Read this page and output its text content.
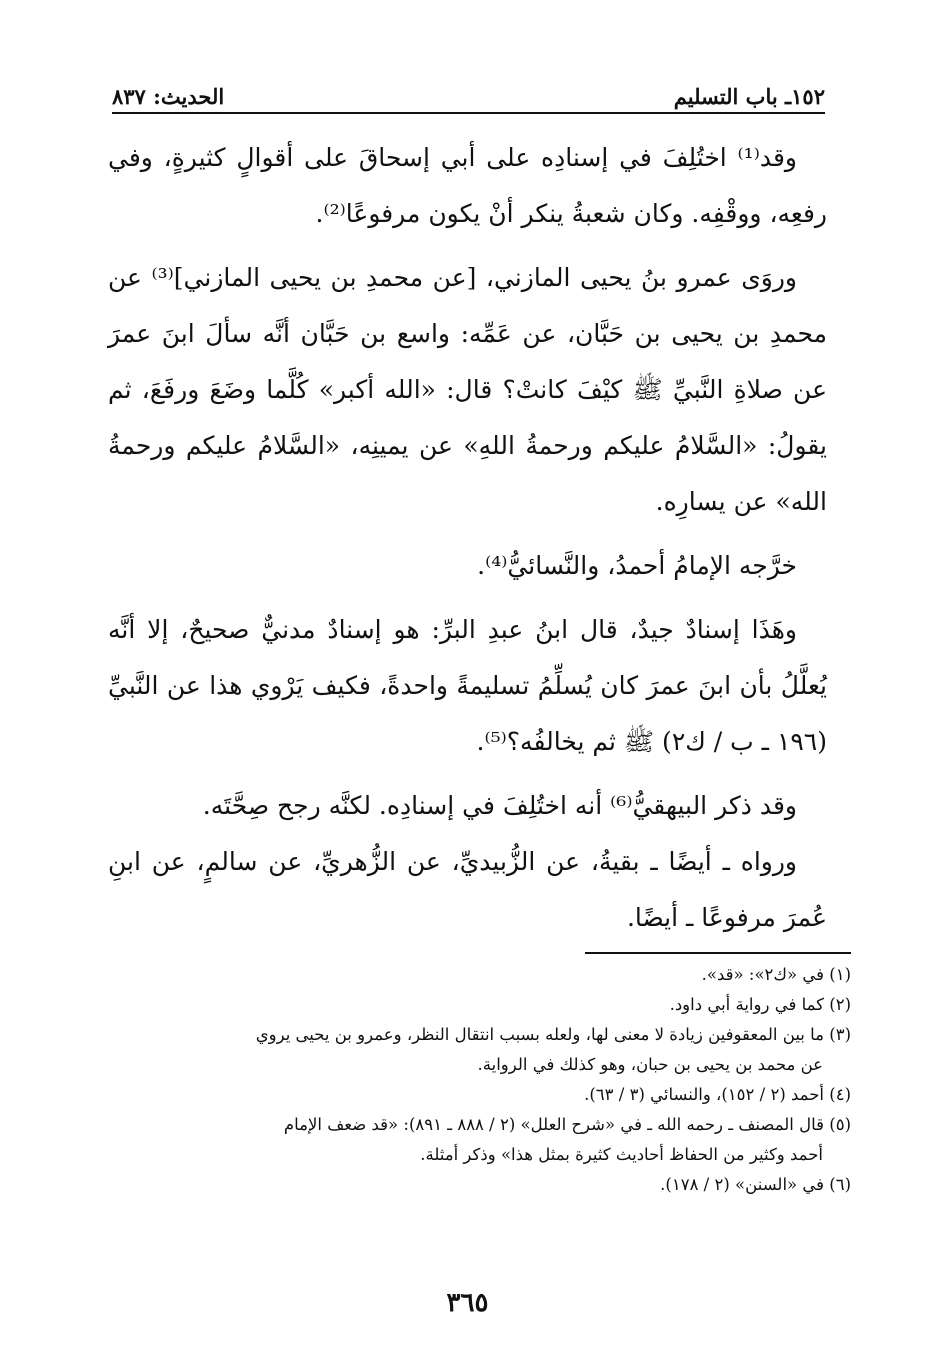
١٥٢ـ باب التسليم
الحديث: ٨٣٧

وقد⁽¹⁾ اختُلِفَ في إسنادِه على أبي إسحاقَ على أقوالٍ كثيرةٍ، وفي رفعِه، ووقْفِه. وكان شعبةُ ينكر أنْ يكون مرفوعًا⁽²⁾.

وروَى عمرو بنُ يحيى المازني، [عن محمدِ بن يحيى المازني]⁽³⁾ عن محمدِ بن يحيى بن حَبَّان، عن عَمِّه: واسع بن حَبَّان أنَّه سألَ ابنَ عمرَ عن صلاةِ النَّبيِّ ﷺ كيْفَ كانتْ؟ قال: «الله أكبر» كُلَّما وضَعَ ورفَعَ، ثم يقولُ: «السَّلامُ عليكم ورحمةُ اللهِ» عن يمينِه، «السَّلامُ عليكم ورحمةُ الله» عن يسارِه.

خرَّجه الإمامُ أحمدُ، والنَّسائيُّ⁽⁴⁾.

وهَذَا إسنادٌ جيدٌ، قال ابنُ عبدِ البرِّ: هو إسنادٌ مدنيٌّ صحيحٌ، إلا أنَّه يُعلَّلُ بأن ابنَ عمرَ كان يُسلِّمُ تسليمةً واحدةً، فكيف يَرْوي هذا عن النَّبيِّ (١٩٦ ـ ب / ك٢) ﷺ ثم يخالفُه؟⁽⁵⁾.

وقد ذكر البيهقيُّ⁽⁶⁾ أنه اختُلِفَ في إسنادِه. لكنَّه رجح صِحَّتَه.

ورواه ـ أيضًا ـ بقيةُ، عن الزُّبيديِّ، عن الزُّهريِّ، عن سالمٍ، عن ابنِ عُمرَ مرفوعًا ـ أيضًا.

(١) في «ك٢»: «قد».

(٢) كما في رواية أبي داود.

(٣) ما بين المعقوفين زيادة لا معنى لها، ولعله بسبب انتقال النظر، وعمرو بن يحيى يروي
عن محمد بن يحيى بن حبان، وهو كذلك في الرواية.

(٤) أحمد (٢ / ١٥٢)، والنسائي (٣ / ٦٣).

(٥) قال المصنف ـ رحمه الله ـ في «شرح العلل» (٢ / ٨٨٨ ـ ٨٩١): «قد ضعف الإمام
أحمد وكثير من الحفاظ أحاديث كثيرة بمثل هذا» وذكر أمثلة.

(٦) في «السنن» (٢ / ١٧٨).

٣٦٥
